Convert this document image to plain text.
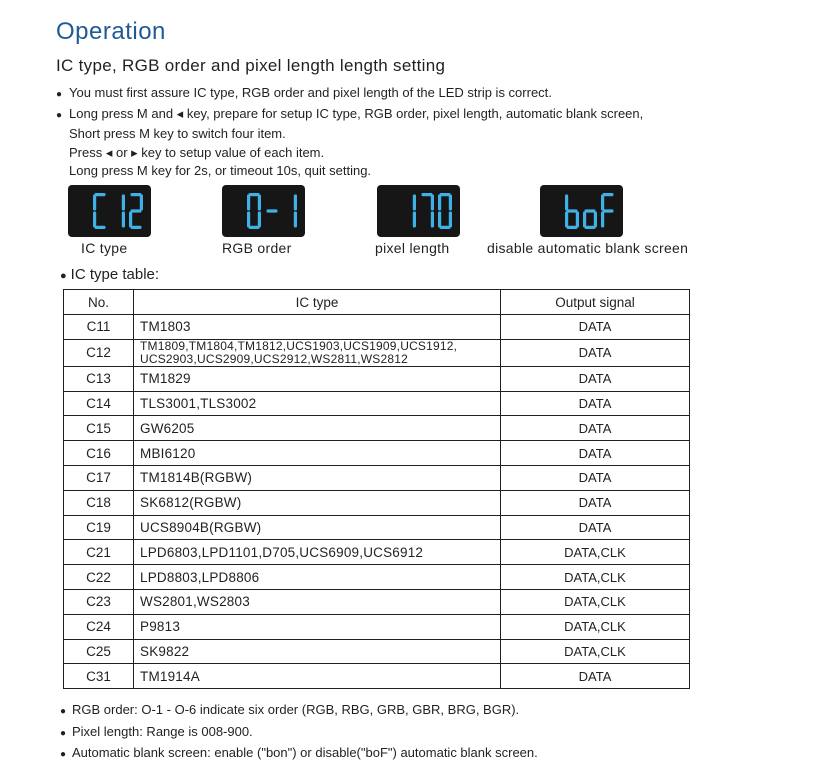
Operation
IC type, RGB order and pixel length length setting
● You must first assure IC type, RGB order and pixel length of the LED strip is correct.
● Long press M and ◂ key, prepare for setup IC type, RGB order, pixel length, automatic blank screen,
Short press M key to switch four item.
Press ◂ or ▸ key to setup value of each item.
Long press M key for 2s, or timeout 10s, quit setting.
IC type	RGB order	pixel length	disable automatic blank screen
● IC type table:
No.	IC type	Output signal
C11	TM1803	DATA
C12	TM1809,TM1804,TM1812,UCS1903,UCS1909,UCS1912,
UCS2903,UCS2909,UCS2912,WS2811,WS2812	DATA
C13	TM1829	DATA
C14	TLS3001,TLS3002	DATA
C15	GW6205	DATA
C16	MBI6120	DATA
C17	TM1814B(RGBW)	DATA
C18	SK6812(RGBW)	DATA
C19	UCS8904B(RGBW)	DATA
C21	LPD6803,LPD1101,D705,UCS6909,UCS6912	DATA,CLK
C22	LPD8803,LPD8806	DATA,CLK
C23	WS2801,WS2803	DATA,CLK
C24	P9813	DATA,CLK
C25	SK9822	DATA,CLK
C31	TM1914A	DATA
● RGB order: O-1 - O-6 indicate six order (RGB, RBG, GRB, GBR, BRG, BGR).
● Pixel length: Range is 008-900.
● Automatic blank screen: enable ("bon") or disable("boF") automatic blank screen.
